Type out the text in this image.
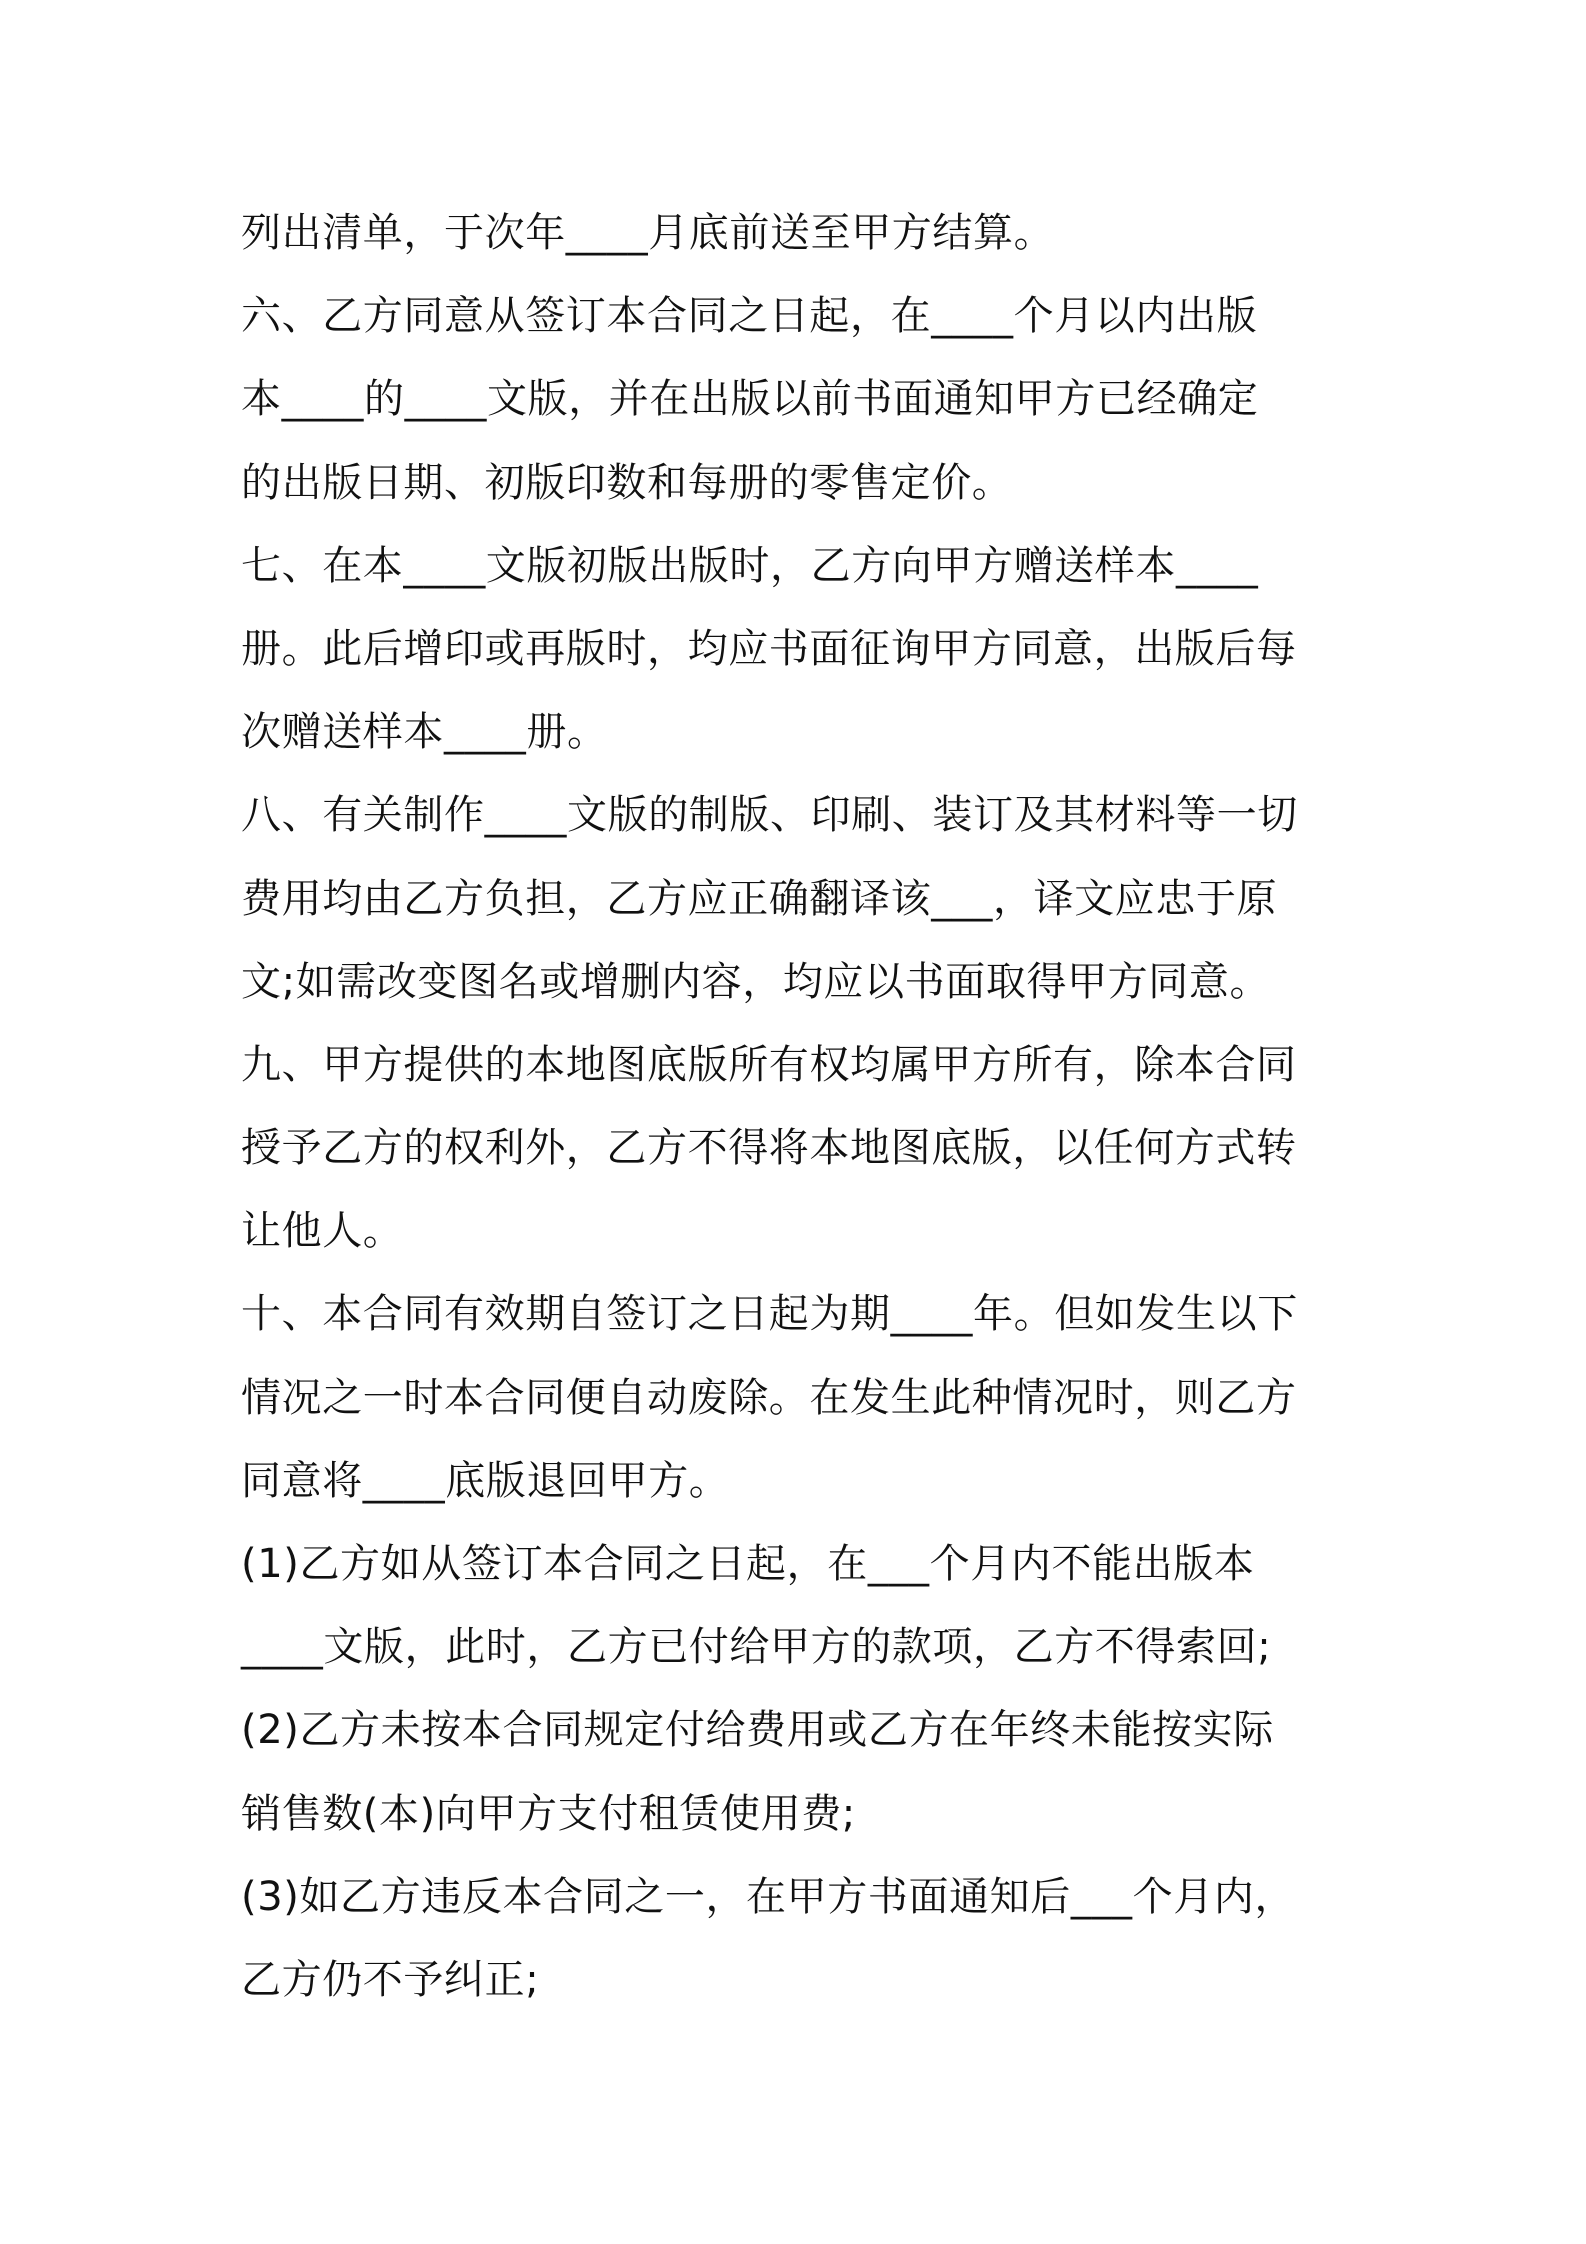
列出清单，于次年____月底前送至甲方结算。
六、乙方同意从签订本合同之日起，在____个月以内出版
本____的____文版，并在出版以前书面通知甲方已经确定
的出版日期、初版印数和每册的零售定价。
七、在本____文版初版出版时，乙方向甲方赠送样本____
册。此后增印或再版时，均应书面征询甲方同意，出版后每
次赠送样本____册。
八、有关制作____文版的制版、印刷、装订及其材料等一切
费用均由乙方负担，乙方应正确翻译该___，译文应忠于原
文;如需改变图名或增删内容，均应以书面取得甲方同意。
九、甲方提供的本地图底版所有权均属甲方所有，除本合同
授予乙方的权利外，乙方不得将本地图底版，以任何方式转
让他人。
十、本合同有效期自签订之日起为期____年。但如发生以下
情况之一时本合同便自动废除。在发生此种情况时，则乙方
同意将____底版退回甲方。
(1)乙方如从签订本合同之日起，在___个月内不能出版本
____文版，此时，乙方已付给甲方的款项，乙方不得索回;
(2)乙方未按本合同规定付给费用或乙方在年终未能按实际
销售数(本)向甲方支付租赁使用费;
(3)如乙方违反本合同之一，在甲方书面通知后___个月内，
乙方仍不予纠正;
